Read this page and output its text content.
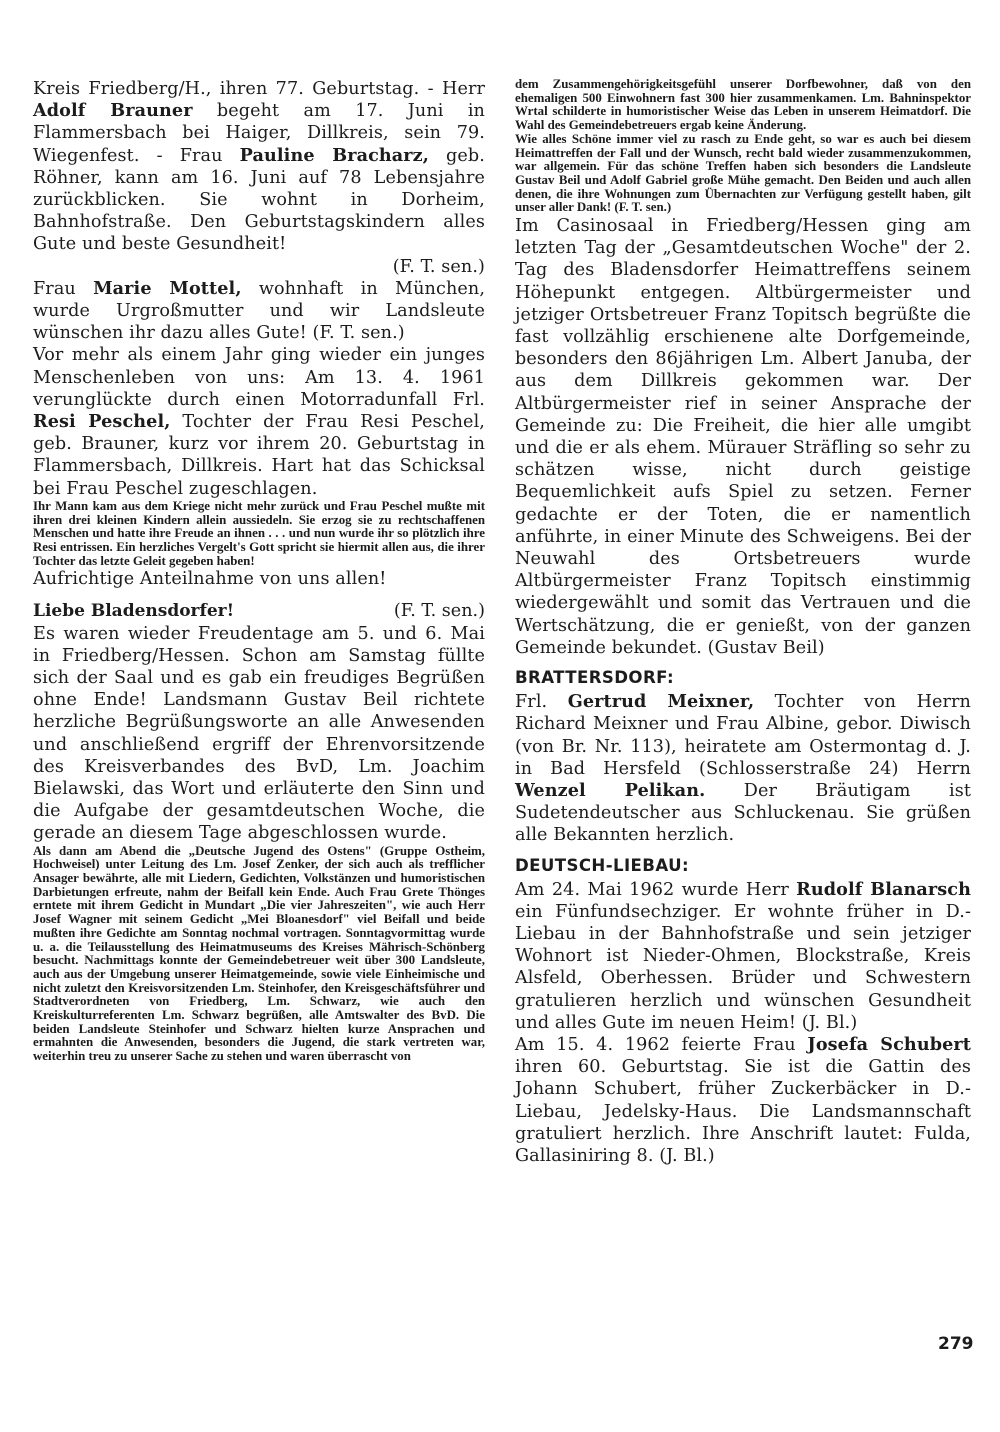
Kreis Friedberg/H., ihren 77. Geburtstag. - Herr Adolf Brauner begeht am 17. Juni in Flammersbach bei Haiger, Dillkreis, sein 79. Wiegenfest. - Frau Pauline Bracharz, geb. Röhner, kann am 16. Juni auf 78 Lebensjahre zurückblicken. Sie wohnt in Dorheim, Bahnhofstraße. Den Geburtstagskindern alles Gute und beste Gesundheit!

(F. T. sen.)

Frau Marie Mottel, wohnhaft in München, wurde Urgroßmutter und wir Landsleute wünschen ihr dazu alles Gute! (F. T. sen.)

Vor mehr als einem Jahr ging wieder ein junges Menschenleben von uns: Am 13. 4. 1961 verunglückte durch einen Motorradunfall Frl. Resi Peschel, Tochter der Frau Resi Peschel, geb. Brauner, kurz vor ihrem 20. Geburtstag in Flammersbach, Dillkreis. Hart hat das Schicksal bei Frau Peschel zugeschlagen.

Ihr Mann kam aus dem Kriege nicht mehr zurück und Frau Peschel mußte mit ihren drei kleinen Kindern allein aussiedeln. Sie erzog sie zu rechtschaffenen Menschen und hatte ihre Freude an ihnen . . . und nun wurde ihr so plötzlich ihre Resi entrissen. Ein herzliches Vergelt's Gott spricht sie hiermit allen aus, die ihrer Tochter das letzte Geleit gegeben haben!

Aufrichtige Anteilnahme von uns allen!

Liebe Bladensdorfer!	(F. T. sen.)

Es waren wieder Freudentage am 5. und 6. Mai in Friedberg/Hessen. Schon am Samstag füllte sich der Saal und es gab ein freudiges Begrüßen ohne Ende! Landsmann Gustav Beil richtete herzliche Begrüßungsworte an alle Anwesenden und anschließend ergriff der Ehrenvorsitzende des Kreisverbandes des BvD, Lm. Joachim Bielawski, das Wort und erläuterte den Sinn und die Aufgabe der gesamtdeutschen Woche, die gerade an diesem Tage abgeschlossen wurde.

Als dann am Abend die „Deutsche Jugend des Ostens" (Gruppe Ostheim, Hochweisel) unter Leitung des Lm. Josef Zenker, der sich auch als trefflicher Ansager bewährte, alle mit Liedern, Gedichten, Volkstänzen und humoristischen Darbietungen erfreute, nahm der Beifall kein Ende. Auch Frau Grete Thönges erntete mit ihrem Gedicht in Mundart „Die vier Jahreszeiten", wie auch Herr Josef Wagner mit seinem Gedicht „Mei Bloanesdorf" viel Beifall und beide mußten ihre Gedichte am Sonntag nochmal vortragen. Sonntagvormittag wurde u. a. die Teilausstellung des Heimatmuseums des Kreises Mährisch-Schönberg besucht. Nachmittags konnte der Gemeindebetreuer weit über 300 Landsleute, auch aus der Umgebung unserer Heimatgemeinde, sowie viele Einheimische und nicht zuletzt den Kreisvorsitzenden Lm. Steinhofer, den Kreisgeschäftsführer und Stadtverordneten von Friedberg, Lm. Schwarz, wie auch den Kreiskulturreferenten Lm. Schwarz begrüßen, alle Amtswalter des BvD. Die beiden Landsleute Steinhofer und Schwarz hielten kurze Ansprachen und ermahnten die Anwesenden, besonders die Jugend, die stark vertreten war, weiterhin treu zu unserer Sache zu stehen und waren überrascht von

dem Zusammengehörigkeitsgefühl unserer Dorfbewohner, daß von den ehemaligen 500 Einwohnern fast 300 hier zusammenkamen. Lm. Bahninspektor Wrtal schilderte in humoristischer Weise das Leben in unserem Heimatdorf. Die Wahl des Gemeindebetreuers ergab keine Änderung.

Wie alles Schöne immer viel zu rasch zu Ende geht, so war es auch bei diesem Heimattreffen der Fall und der Wunsch, recht bald wieder zusammenzukommen, war allgemein. Für das schöne Treffen haben sich besonders die Landsleute Gustav Beil und Adolf Gabriel große Mühe gemacht. Den Beiden und auch allen denen, die ihre Wohnungen zum Übernachten zur Verfügung gestellt haben, gilt unser aller Dank! (F. T. sen.)

Im Casinosaal in Friedberg/Hessen ging am letzten Tag der „Gesamtdeutschen Woche" der 2. Tag des Bladensdorfer Heimattreffens seinem Höhepunkt entgegen. Altbürgermeister und jetziger Ortsbetreuer Franz Topitsch begrüßte die fast vollzählig erschienene alte Dorfgemeinde, besonders den 86jährigen Lm. Albert Januba, der aus dem Dillkreis gekommen war. Der Altbürgermeister rief in seiner Ansprache der Gemeinde zu: Die Freiheit, die hier alle umgibt und die er als ehem. Mürauer Sträfling so sehr zu schätzen wisse, nicht durch geistige Bequemlichkeit aufs Spiel zu setzen. Ferner gedachte er der Toten, die er namentlich anführte, in einer Minute des Schweigens. Bei der Neuwahl des Ortsbetreuers wurde Altbürgermeister Franz Topitsch einstimmig wiedergewählt und somit das Vertrauen und die Wertschätzung, die er genießt, von der ganzen Gemeinde bekundet. (Gustav Beil)

BRATTERSDORF:

Frl. Gertrud Meixner, Tochter von Herrn Richard Meixner und Frau Albine, gebor. Diwisch (von Br. Nr. 113), heiratete am Ostermontag d. J. in Bad Hersfeld (Schlosserstraße 24) Herrn Wenzel Pelikan. Der Bräutigam ist Sudetendeutscher aus Schluckenau. Sie grüßen alle Bekannten herzlich.

DEUTSCH-LIEBAU:

Am 24. Mai 1962 wurde Herr Rudolf Blanarsch ein Fünfundsechziger. Er wohnte früher in D.-Liebau in der Bahnhofstraße und sein jetziger Wohnort ist Nieder-Ohmen, Blockstraße, Kreis Alsfeld, Oberhessen. Brüder und Schwestern gratulieren herzlich und wünschen Gesundheit und alles Gute im neuen Heim! (J. Bl.)

Am 15. 4. 1962 feierte Frau Josefa Schubert ihren 60. Geburtstag. Sie ist die Gattin des Johann Schubert, früher Zuckerbäcker in D.-Liebau, Jedelsky-Haus. Die Landsmannschaft gratuliert herzlich. Ihre Anschrift lautet: Fulda, Gallasiniring 8. (J. Bl.)

279
